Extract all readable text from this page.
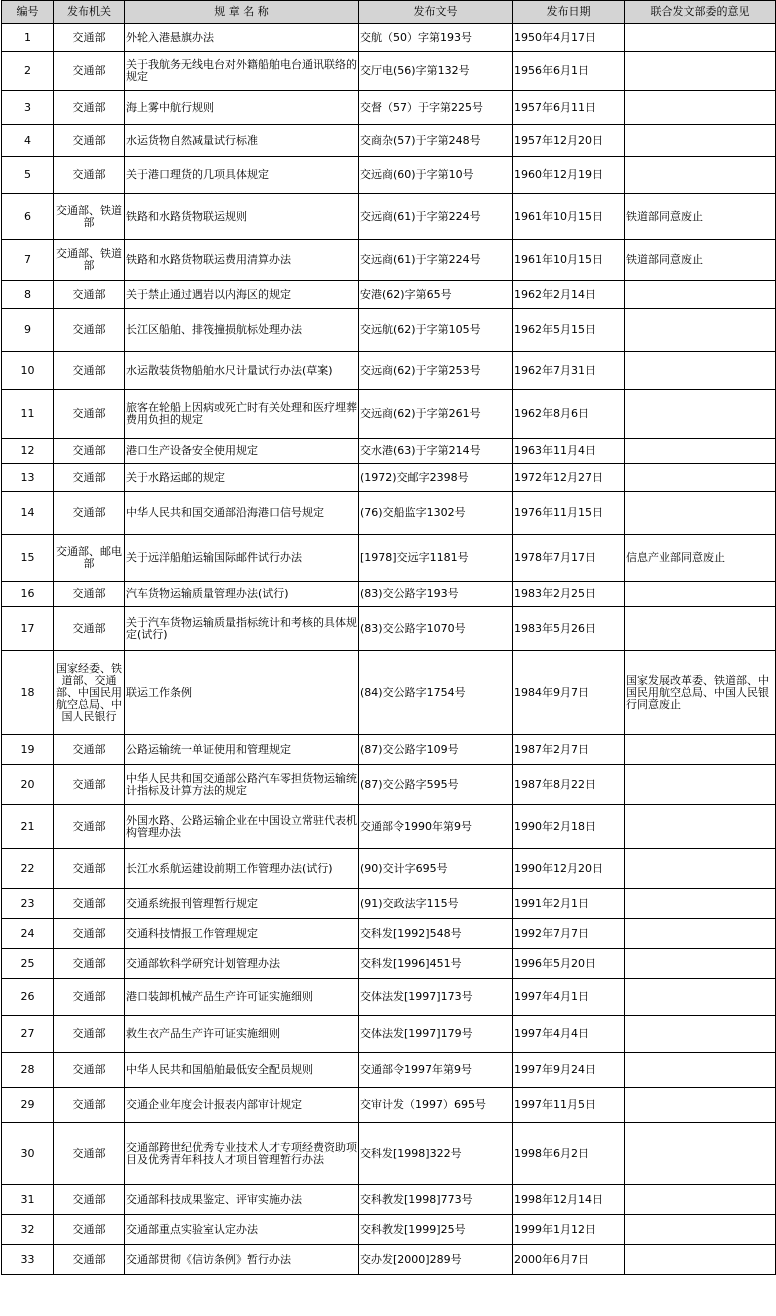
编号	发布机关	规 章 名 称	发布文号	发布日期	联合发文部委的意见
1	交通部	外轮入港悬旗办法	交航（50）字第193号	1950年4月17日	
2	交通部	关于我航务无线电台对外籍船舶电台通讯联络的规定	交厅电(56)字第132号	1956年6月1日	
3	交通部	海上雾中航行规则	交督（57）于字第225号	1957年6月11日	
4	交通部	水运货物自然减量试行标准	交商杂(57)于字第248号	1957年12月20日	
5	交通部	关于港口理货的几项具体规定	交远商(60)于字第10号	1960年12月19日	
6	交通部、铁道部	铁路和水路货物联运规则	交远商(61)于字第224号	1961年10月15日	铁道部同意废止
7	交通部、铁道部	铁路和水路货物联运费用清算办法	交远商(61)于字第224号	1961年10月15日	铁道部同意废止
8	交通部	关于禁止通过遇岩以内海区的规定	安港(62)字第65号	1962年2月14日	
9	交通部	长江区船舶、排筏撞损航标处理办法	交远航(62)于字第105号	1962年5月15日	
10	交通部	水运散装货物船舶水尺计量试行办法(草案)	交远商(62)于字第253号	1962年7月31日	
11	交通部	旅客在轮船上因病或死亡时有关处理和医疗埋葬费用负担的规定	交远商(62)于字第261号	1962年8月6日	
12	交通部	港口生产设备安全使用规定	交水港(63)于字第214号	1963年11月4日	
13	交通部	关于水路运邮的规定	(1972)交邮字2398号	1972年12月27日	
14	交通部	中华人民共和国交通部沿海港口信号规定	(76)交船监字1302号	1976年11月15日	
15	交通部、邮电部	关于远洋船舶运输国际邮件试行办法	[1978]交远字1181号	1978年7月17日	信息产业部同意废止
16	交通部	汽车货物运输质量管理办法(试行)	(83)交公路字193号	1983年2月25日	
17	交通部	关于汽车货物运输质量指标统计和考核的具体规定(试行)	(83)交公路字1070号	1983年5月26日	
18	国家经委、铁道部、交通部、中国民用航空总局、中国人民银行	联运工作条例	(84)交公路字1754号	1984年9月7日	国家发展改革委、铁道部、中国民用航空总局、中国人民银行同意废止
19	交通部	公路运输统一单证使用和管理规定	(87)交公路字109号	1987年2月7日	
20	交通部	中华人民共和国交通部公路汽车零担货物运输统计指标及计算方法的规定	(87)交公路字595号	1987年8月22日	
21	交通部	外国水路、公路运输企业在中国设立常驻代表机构管理办法	交通部令1990年第9号	1990年2月18日	
22	交通部	长江水系航运建设前期工作管理办法(试行)	(90)交计字695号	1990年12月20日	
23	交通部	交通系统报刊管理暂行规定	(91)交政法字115号	1991年2月1日	
24	交通部	交通科技情报工作管理规定	交科发[1992]548号	1992年7月7日	
25	交通部	交通部软科学研究计划管理办法	交科发[1996]451号	1996年5月20日	
26	交通部	港口装卸机械产品生产许可证实施细则	交体法发[1997]173号	1997年4月1日	
27	交通部	救生衣产品生产许可证实施细则	交体法发[1997]179号	1997年4月4日	
28	交通部	中华人民共和国船舶最低安全配员规则	交通部令1997年第9号	1997年9月24日	
29	交通部	交通企业年度会计报表内部审计规定	交审计发（1997）695号	1997年11月5日	
30	交通部	交通部跨世纪优秀专业技术人才专项经费资助项目及优秀青年科技人才项目管理暂行办法	交科发[1998]322号	1998年6月2日	
31	交通部	交通部科技成果鉴定、评审实施办法	交科教发[1998]773号	1998年12月14日	
32	交通部	交通部重点实验室认定办法	交科教发[1999]25号	1999年1月12日	
33	交通部	交通部贯彻《信访条例》暂行办法	交办发[2000]289号	2000年6月7日	
